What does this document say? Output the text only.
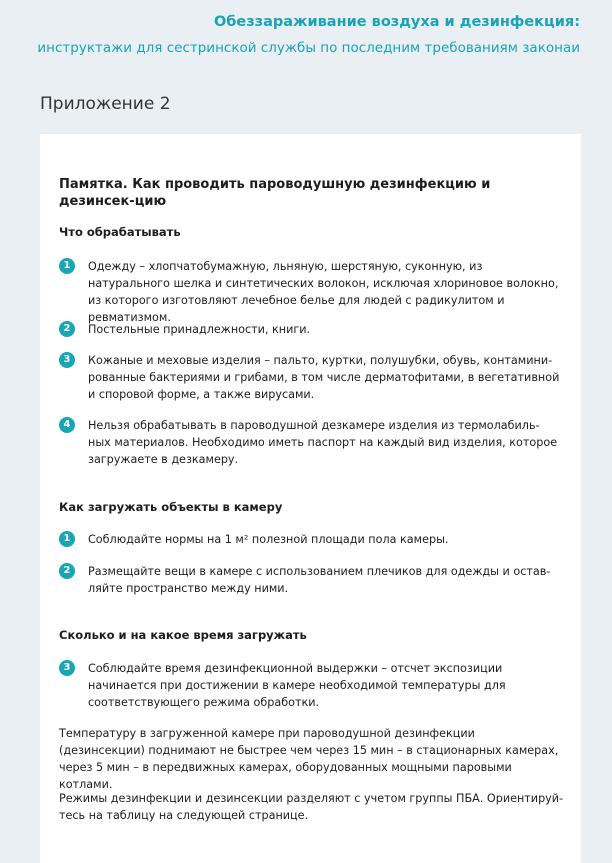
Обеззараживание воздуха и дезинфекция:
инструктажи для сестринской службы по последним требованиям законаи
Приложение 2
Памятка. Как проводить пароводушную дезинфекцию и дезинсек-цию
Что обрабатывать
1	Одежду – хлопчатобумажную, льняную, шерстяную, суконную, из натурального шелка и синтетических волокон, исключая хлориновое волокно, из которого изготовляют лечебное белье для людей с радикулитом и ревматизмом.
2	Постельные принадлежности, книги.
3	Кожаные и меховые изделия – пальто, куртки, полушубки, обувь, контамини-рованные бактериями и грибами, в том числе дерматофитами, в вегетативной и споровой форме, а также вирусами.
4	Нельзя обрабатывать в пароводушной дезкамере изделия из термолабиль-ных материалов. Необходимо иметь паспорт на каждый вид изделия, которое загружаете в дезкамеру.
Как загружать объекты в камеру
1	Соблюдайте нормы на 1 м² полезной площади пола камеры.
2	Размещайте вещи в камере с использованием плечиков для одежды и остав-ляйте пространство между ними.
Сколько и на какое время загружать
3	Соблюдайте время дезинфекционной выдержки – отсчет экспозиции начинается при достижении в камере необходимой температуры для соответствующего режима обработки.
Температуру в загруженной камере при пароводушной дезинфекции (дезинсекции) поднимают не быстрее чем через 15 мин – в стационарных камерах, через 5 мин – в передвижных камерах, оборудованных мощными паровыми котлами.
Режимы дезинфекции и дезинсекции разделяют с учетом группы ПБА. Ориентируй-тесь на таблицу на следующей странице.
